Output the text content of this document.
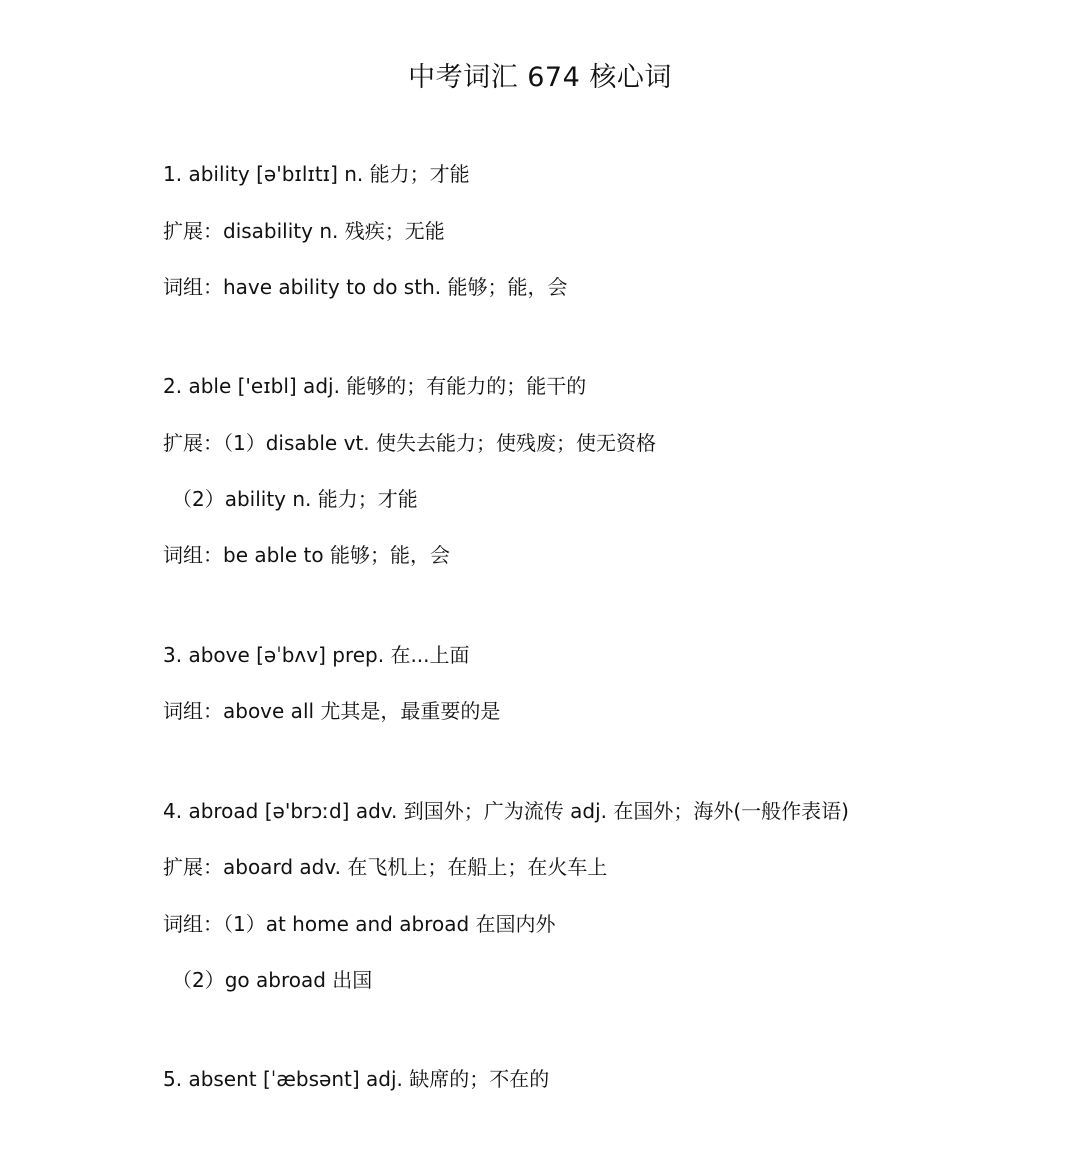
中考词汇 674 核心词
1. ability [ə'bɪlɪtɪ] n. 能力；才能
扩展：disability n. 残疾；无能
词组：have ability to do sth. 能够；能，会
2. able ['eɪbl] adj. 能够的；有能力的；能干的
扩展：（1）disable vt. 使失去能力；使残废；使无资格
（2）ability n. 能力；才能
词组：be able to 能够；能，会
3. above [əˈbʌv] prep. 在...上面
词组：above all 尤其是，最重要的是
4. abroad [ə'brɔːd] adv. 到国外；广为流传 adj. 在国外；海外(一般作表语)
扩展：aboard adv. 在飞机上；在船上；在火车上
词组：（1）at home and abroad 在国内外
（2）go abroad 出国
5. absent [ˈæbsənt] adj. 缺席的；不在的
